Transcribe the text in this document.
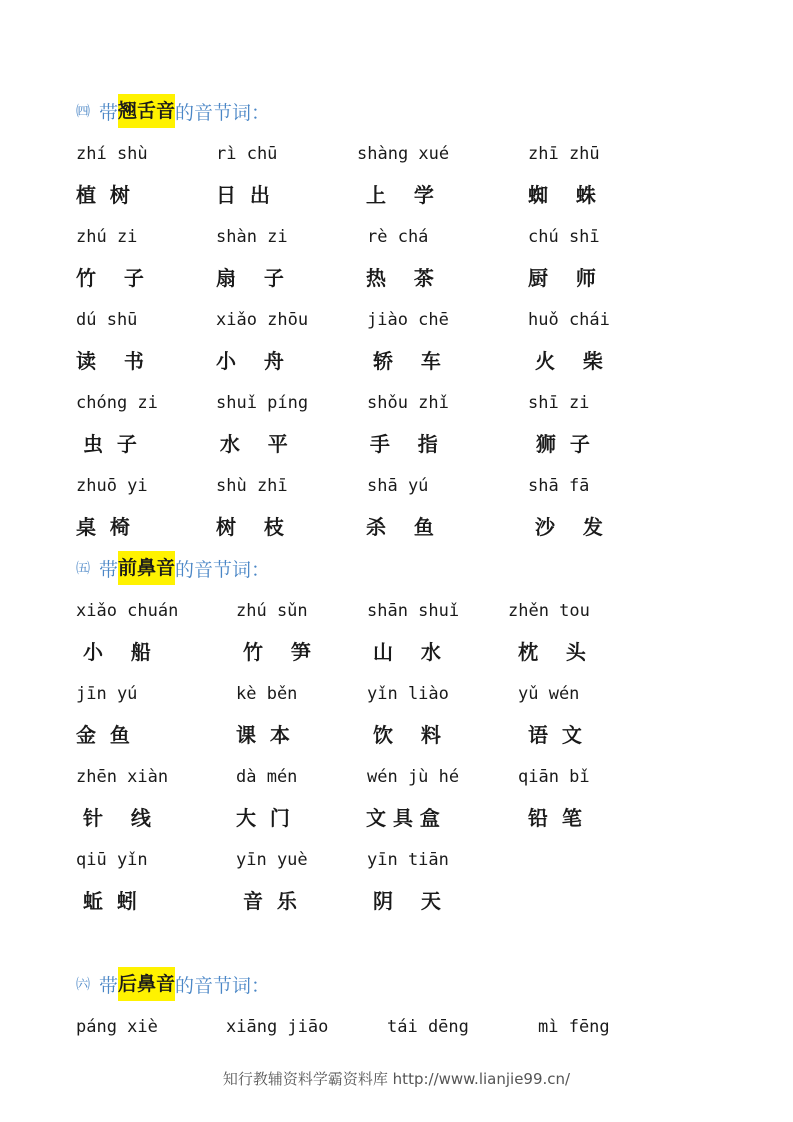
㈣ 带 翘舌音 的音节词：
zhí shù	rì chū	shàng xué	zhī zhū
植  树	日  出	上    学	蜘    蛛
zhú zi	shàn zi	rè chá	chú shī
竹    子	扇    子	热    茶	厨    师
dú shū	xiǎo zhōu	jiào chē	huǒ chái
读    书	小    舟	轿    车	火    柴
chóng zi	shuǐ píng	shǒu zhǐ	shī zi
虫  子	水    平	手    指	狮  子
zhuō yi	shù zhī	shā yú	shā fā
桌  椅	树    枝	杀    鱼	沙    发
㈤ 带 前鼻音 的音节词：
xiǎo chuán	zhú sǔn	shān shuǐ	zhěn tou
小    船	竹    笋	山    水	枕    头
jīn yú	kè běn	yǐn liào	yǔ wén
金  鱼	课  本	饮    料	语  文
zhēn xiàn	dà mén	wén jù hé	qiān bǐ
针    线	大  门	文 具 盒	铅  笔
qiū yǐn	yīn yuè	yīn tiān
蚯  蚓	音  乐	阴    天
㈥ 带 后鼻音 的音节词：
páng xiè	xiāng jiāo	tái dēng	mì fēng
知行教辅资料学霸资料库 http://www.lianjie99.cn/
